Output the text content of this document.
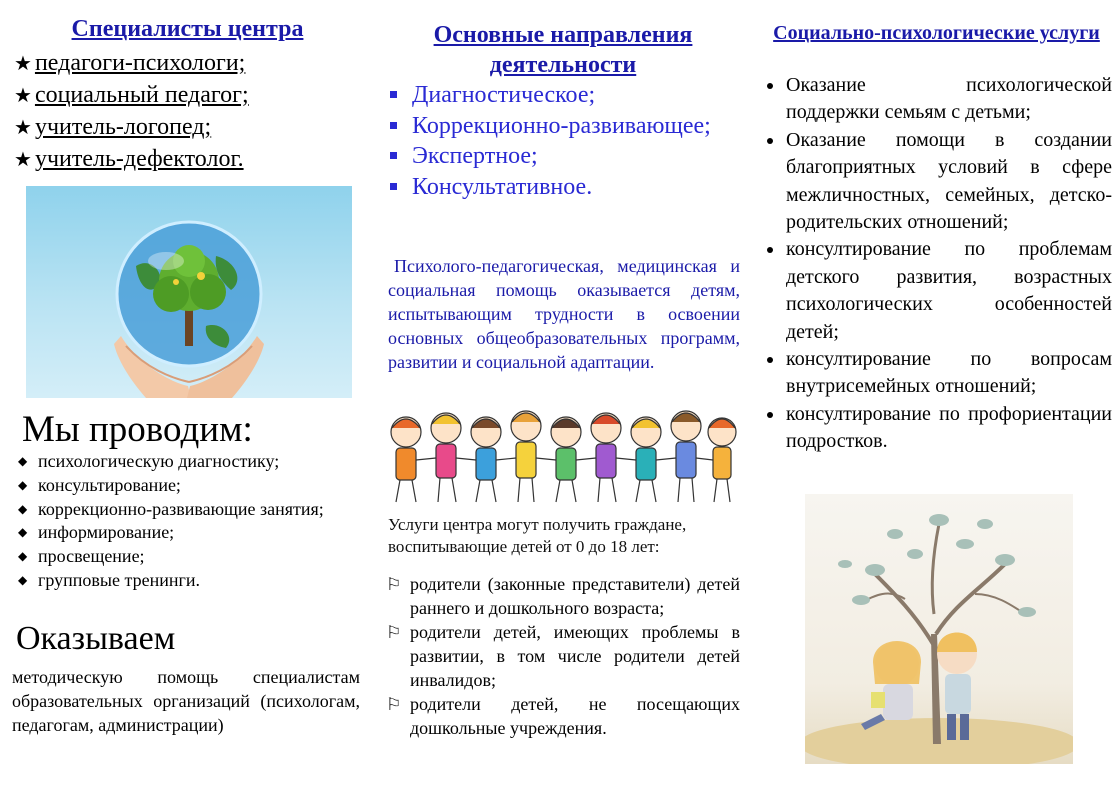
Специалисты центра
★ педагоги-психологи;
★ социальный педагог;
★ учитель-логопед;
★ учитель-дефектолог.
Мы проводим:
◆ психологическую диагностику;
◆ консультирование;
◆ коррекционно-развивающие занятия;
◆ информирование;
◆ просвещение;
◆ групповые тренинги.
Оказываем
методическую помощь специалистам образовательных организаций (психологам, педагогам, администрации)
Основные направления деятельности
Диагностическое;
Коррекционно-развивающее;
Экспертное;
Консультативное.
Психолого-педагогическая, медицинская и социальная помощь оказывается детям, испытывающим трудности в освоении основных общеобразовательных программ, развитии и социальной адаптации.
Услуги центра могут получить граждане, воспитывающие детей от 0 до 18 лет:
⚐ родители (законные представители) детей раннего и дошкольного возраста;
⚐ родители детей, имеющих проблемы в развитии, в том числе родители детей инвалидов;
⚐ родители детей, не посещающих дошкольные учреждения.
Социально-психологические услуги
Оказание психологической поддержки семьям с детьми;
Оказание помощи в создании благоприятных условий в сфере межличностных, семейных, детско-родительских отношений;
консултирование по проблемам детского развития, возрастных психологических особенностей детей;
консултирование по вопросам внутрисемейных отношений;
консултирование по профориентации подростков.
